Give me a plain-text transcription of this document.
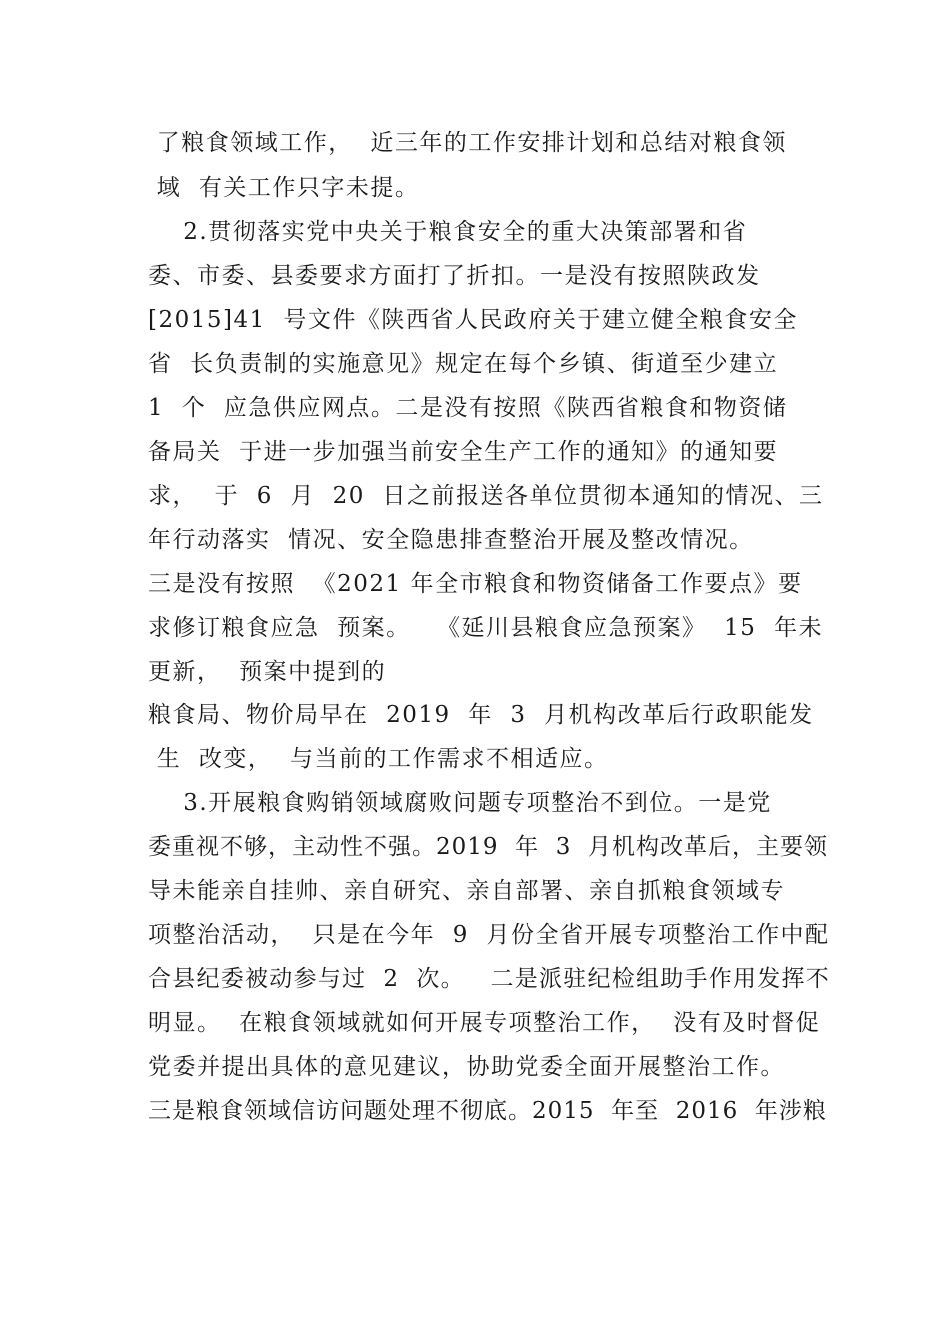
了粮食领域工作，  近三年的工作安排计划和总结对粮食领
域  有关工作只字未提。
2.贯彻落实党中央关于粮食安全的重大决策部署和省
委、市委、县委要求方面打了折扣。一是没有按照陕政发
[2015]41  号文件《陕西省人民政府关于建立健全粮食安全
省  长负责制的实施意见》规定在每个乡镇、街道至少建立
1  个  应急供应网点。二是没有按照《陕西省粮食和物资储
备局关  于进一步加强当前安全生产工作的通知》的通知要
求，  于  6  月  20  日之前报送各单位贯彻本通知的情况、三
年行动落实  情况、安全隐患排查整治开展及整改情况。
三是没有按照  《2021 年全市粮食和物资储备工作要点》要
求修订粮食应急  预案。   《延川县粮食应急预案》  15  年未
更新，  预案中提到的
粮食局、物价局早在  2019  年  3  月机构改革后行政职能发
生  改变，  与当前的工作需求不相适应。
3.开展粮食购销领域腐败问题专项整治不到位。一是党
委重视不够，主动性不强。2019  年  3  月机构改革后，主要领
导未能亲自挂帅、亲自研究、亲自部署、亲自抓粮食领域专
项整治活动，  只是在今年  9  月份全省开展专项整治工作中配
合县纪委被动参与过  2  次。   二是派驻纪检组助手作用发挥不
明显。  在粮食领域就如何开展专项整治工作，  没有及时督促
党委并提出具体的意见建议，协助党委全面开展整治工作。
三是粮食领域信访问题处理不彻底。2015  年至  2016  年涉粮
